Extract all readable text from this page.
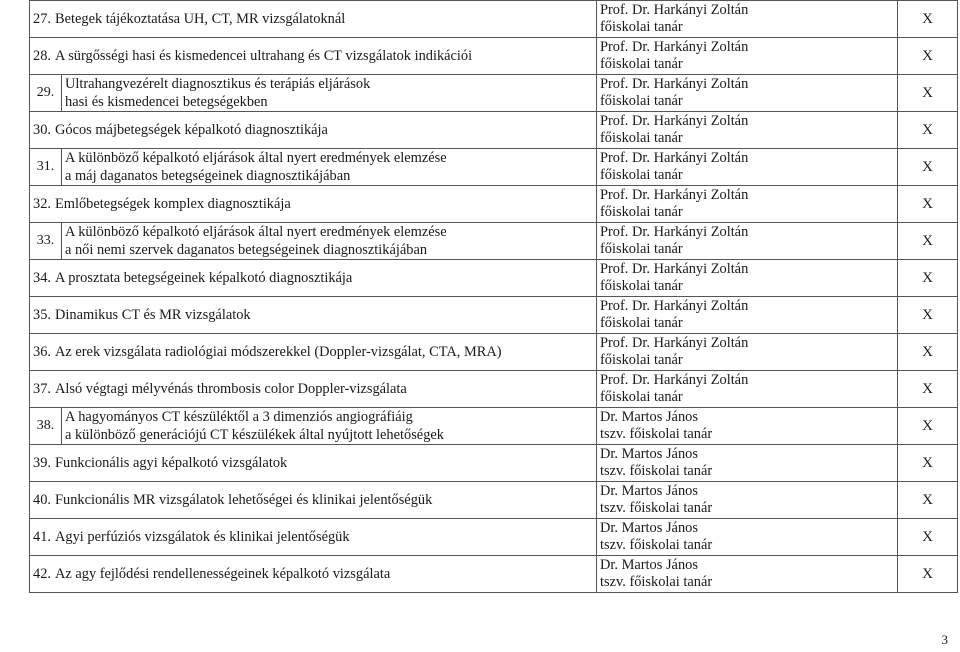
27. Betegek tájékoztatása UH, CT, MR vizsgálatoknál		Prof. Dr. Harkányi Zoltán
főiskolai tanár	X
28. A sürgősségi hasi és kismedencei ultrahang és CT vizsgálatok indikációi		Prof. Dr. Harkányi Zoltán
főiskolai tanár	X
29.	Ultrahangvezérelt diagnosztikus és terápiás eljárások
hasi és kismedencei betegségekben	Prof. Dr. Harkányi Zoltán
főiskolai tanár	X
30. Gócos májbetegségek képalkotó diagnosztikája		Prof. Dr. Harkányi Zoltán
főiskolai tanár	X
31.	A különböző képalkotó eljárások által nyert eredmények elemzése
a máj daganatos betegségeinek diagnosztikájában	Prof. Dr. Harkányi Zoltán
főiskolai tanár	X
32. Emlőbetegségek komplex diagnosztikája		Prof. Dr. Harkányi Zoltán
főiskolai tanár	X
33.	A különböző képalkotó eljárások által nyert eredmények elemzése
a női nemi szervek daganatos betegségeinek diagnosztikájában	Prof. Dr. Harkányi Zoltán
főiskolai tanár	X
34. A prosztata betegségeinek képalkotó diagnosztikája		Prof. Dr. Harkányi Zoltán
főiskolai tanár	X
35. Dinamikus CT és MR vizsgálatok		Prof. Dr. Harkányi Zoltán
főiskolai tanár	X
36. Az erek vizsgálata radiológiai módszerekkel (Doppler-vizsgálat, CTA, MRA)		Prof. Dr. Harkányi Zoltán
főiskolai tanár	X
37. Alsó végtagi mélyvénás thrombosis color Doppler-vizsgálata		Prof. Dr. Harkányi Zoltán
főiskolai tanár	X
38.	A hagyományos CT készüléktől a 3 dimenziós angiográfiáig
a különböző generációjú CT készülékek által nyújtott lehetőségek	Dr. Martos János
tszv. főiskolai tanár	X
39. Funkcionális agyi képalkotó vizsgálatok		Dr. Martos János
tszv. főiskolai tanár	X
40. Funkcionális MR vizsgálatok lehetőségei és klinikai jelentőségük		Dr. Martos János
tszv. főiskolai tanár	X
41. Agyi perfúziós vizsgálatok és klinikai jelentőségük		Dr. Martos János
tszv. főiskolai tanár	X
42. Az agy fejlődési rendellenességeinek képalkotó vizsgálata		Dr. Martos János
tszv. főiskolai tanár	X
3
